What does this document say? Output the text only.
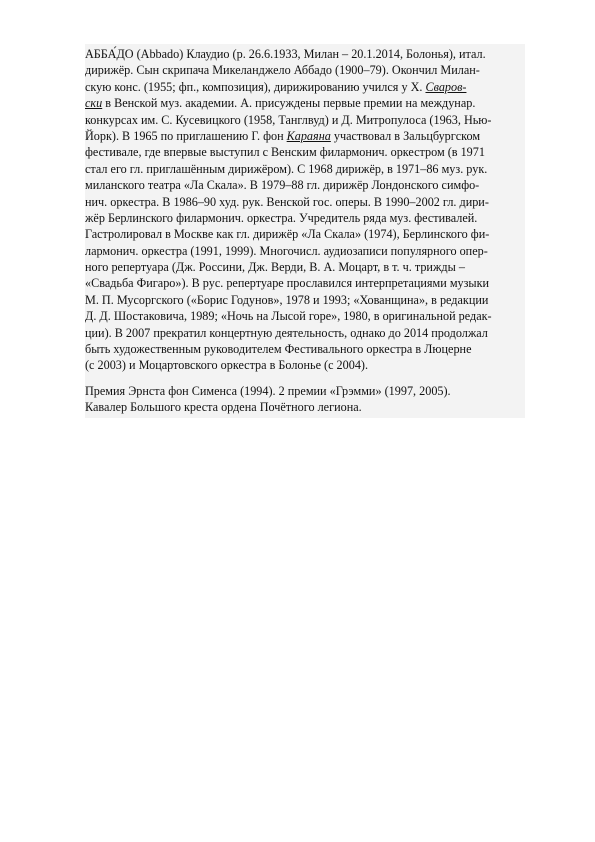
АББА́ДО (Abbado) Клаудио (р. 26.6.1933, Милан – 20.1.2014, Болонья), итал.
дирижёр. Сын скрипача Микеланджело Аббадо (1900–79). Окончил Милан-
скую конс. (1955; фп., композиция), дирижированию учился у Х. Сваров-
ски в Венской муз. академии. А. присуждены первые премии на междунар.
конкурсах им. С. Кусевицкого (1958, Танглвуд) и Д. Митропулоса (1963, Нью-
Йорк). В 1965 по приглашению Г. фон Караяна участвовал в Зальцбургском
фестивале, где впервые выступил с Венским филармонич. оркестром (в 1971
стал его гл. приглашённым дирижёром). С 1968 дирижёр, в 1971–86 муз. рук.
миланского театра «Ла Скала». В 1979–88 гл. дирижёр Лондонского симфо-
нич. оркестра. В 1986–90 худ. рук. Венской гос. оперы. В 1990–2002 гл. дири-
жёр Берлинского филармонич. оркестра. Учредитель ряда муз. фестивалей.
Гастролировал в Москве как гл. дирижёр «Ла Скала» (1974), Берлинского фи-
лармонич. оркестра (1991, 1999). Многочисл. аудиозаписи популярного опер-
ного репертуара (Дж. Россини, Дж. Верди, В. А. Моцарт, в т. ч. трижды –
«Свадьба Фигаро»). В рус. репертуаре прославился интерпретациями музыки
М. П. Мусоргского («Борис Годунов», 1978 и 1993; «Хованщина», в редакции
Д. Д. Шостаковича, 1989; «Ночь на Лысой горе», 1980, в оригинальной редак-
ции). В 2007 прекратил концертную деятельность, однако до 2014 продолжал
быть художественным руководителем Фестивального оркестра в Люцерне
(с 2003) и Моцартовского оркестра в Болонье (с 2004).
Премия Эрнста фон Сименса (1994). 2 премии «Грэмми» (1997, 2005).
Кавалер Большого креста ордена Почётного легиона.
